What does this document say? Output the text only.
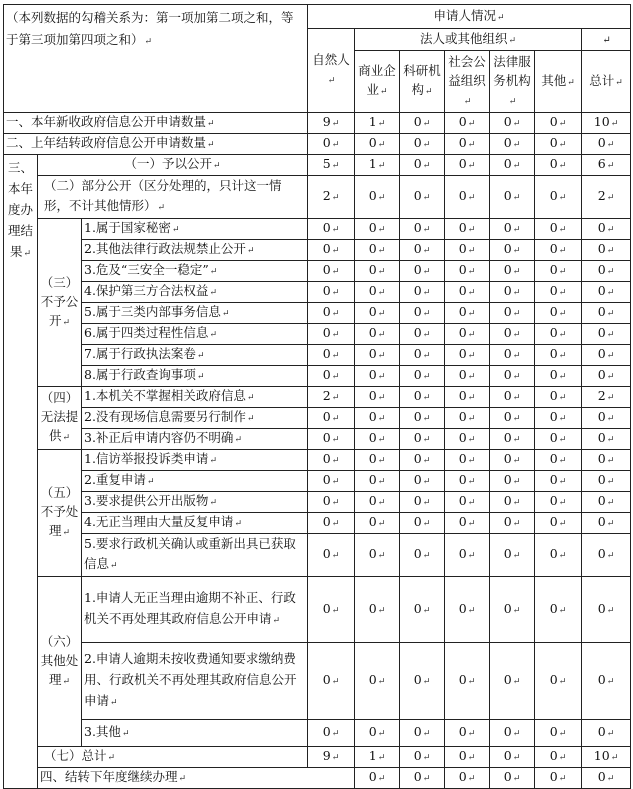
（本列数据的勾稽关系为：第一项加第二项之和，等于第三项加第四项之和） ↵			申请人情况 ↵
			自然人 ↵	法人或其他组织 ↵					↵	
				商业企业 ↵	科研机构 ↵	社会公益组织 ↵	法律服务机构 ↵	其他 ↵	总计 ↵
一、本年新收政府信息公开申请数量 ↵			9 ↵	1 ↵	0 ↵	0 ↵	0 ↵	0 ↵	10 ↵
二、上年结转政府信息公开申请数量 ↵			0 ↵	0 ↵	0 ↵	0 ↵	0 ↵	0 ↵	0 ↵
三、本年度办理结果 ↵	（一）予以公开 ↵		5 ↵	1 ↵	0 ↵	0 ↵	0 ↵	0 ↵	6 ↵
	（二）部分公开（区分处理的，只计这一情形，不计其他情形） ↵		2 ↵	0 ↵	0 ↵	0 ↵	0 ↵	0 ↵	2 ↵
	（三）不予公开 ↵	1.属于国家秘密 ↵	0 ↵	0 ↵	0 ↵	0 ↵	0 ↵	0 ↵	0 ↵
		2.其他法律行政法规禁止公开 ↵	0 ↵	0 ↵	0 ↵	0 ↵	0 ↵	0 ↵	0 ↵
		3.危及“三安全一稳定” ↵	0 ↵	0 ↵	0 ↵	0 ↵	0 ↵	0 ↵	0 ↵
		4.保护第三方合法权益 ↵	0 ↵	0 ↵	0 ↵	0 ↵	0 ↵	0 ↵	0 ↵
		5.属于三类内部事务信息 ↵	0 ↵	0 ↵	0 ↵	0 ↵	0 ↵	0 ↵	0 ↵
		6.属于四类过程性信息 ↵	0 ↵	0 ↵	0 ↵	0 ↵	0 ↵	0 ↵	0 ↵
		7.属于行政执法案卷 ↵	0 ↵	0 ↵	0 ↵	0 ↵	0 ↵	0 ↵	0 ↵
		8.属于行政查询事项 ↵	0 ↵	0 ↵	0 ↵	0 ↵	0 ↵	0 ↵	0 ↵
	（四）无法提供 ↵	1.本机关不掌握相关政府信息 ↵	2 ↵	0 ↵	0 ↵	0 ↵	0 ↵	0 ↵	2 ↵
		2.没有现场信息需要另行制作 ↵	0 ↵	0 ↵	0 ↵	0 ↵	0 ↵	0 ↵	0 ↵
		3.补正后申请内容仍不明确 ↵	0 ↵	0 ↵	0 ↵	0 ↵	0 ↵	0 ↵	0 ↵
	（五）不予处理 ↵	1.信访举报投诉类申请 ↵	0 ↵	0 ↵	0 ↵	0 ↵	0 ↵	0 ↵	0 ↵
		2.重复申请 ↵	0 ↵	0 ↵	0 ↵	0 ↵	0 ↵	0 ↵	0 ↵
		3.要求提供公开出版物 ↵	0 ↵	0 ↵	0 ↵	0 ↵	0 ↵	0 ↵	0 ↵
		4.无正当理由大量反复申请 ↵	0 ↵	0 ↵	0 ↵	0 ↵	0 ↵	0 ↵	0 ↵
		5.要求行政机关确认或重新出具已获取信息 ↵	0 ↵	0 ↵	0 ↵	0 ↵	0 ↵	0 ↵	0 ↵
	（六）其他处理 ↵	1.申请人无正当理由逾期不补正、行政机关不再处理其政府信息公开申请 ↵	0 ↵	0 ↵	0 ↵	0 ↵	0 ↵	0 ↵	0 ↵
		2.申请人逾期未按收费通知要求缴纳费用、行政机关不再处理其政府信息公开申请 ↵	0 ↵	0 ↵	0 ↵	0 ↵	0 ↵	0 ↵	0 ↵
		3.其他 ↵	0 ↵	0 ↵	0 ↵	0 ↵	0 ↵	0 ↵	0 ↵
	（七）总计 ↵		9 ↵	1 ↵	0 ↵	0 ↵	0 ↵	0 ↵	10 ↵
	四、结转下年度继续办理 ↵			0 ↵	0 ↵	0 ↵	0 ↵	0 ↵	0 ↵	
